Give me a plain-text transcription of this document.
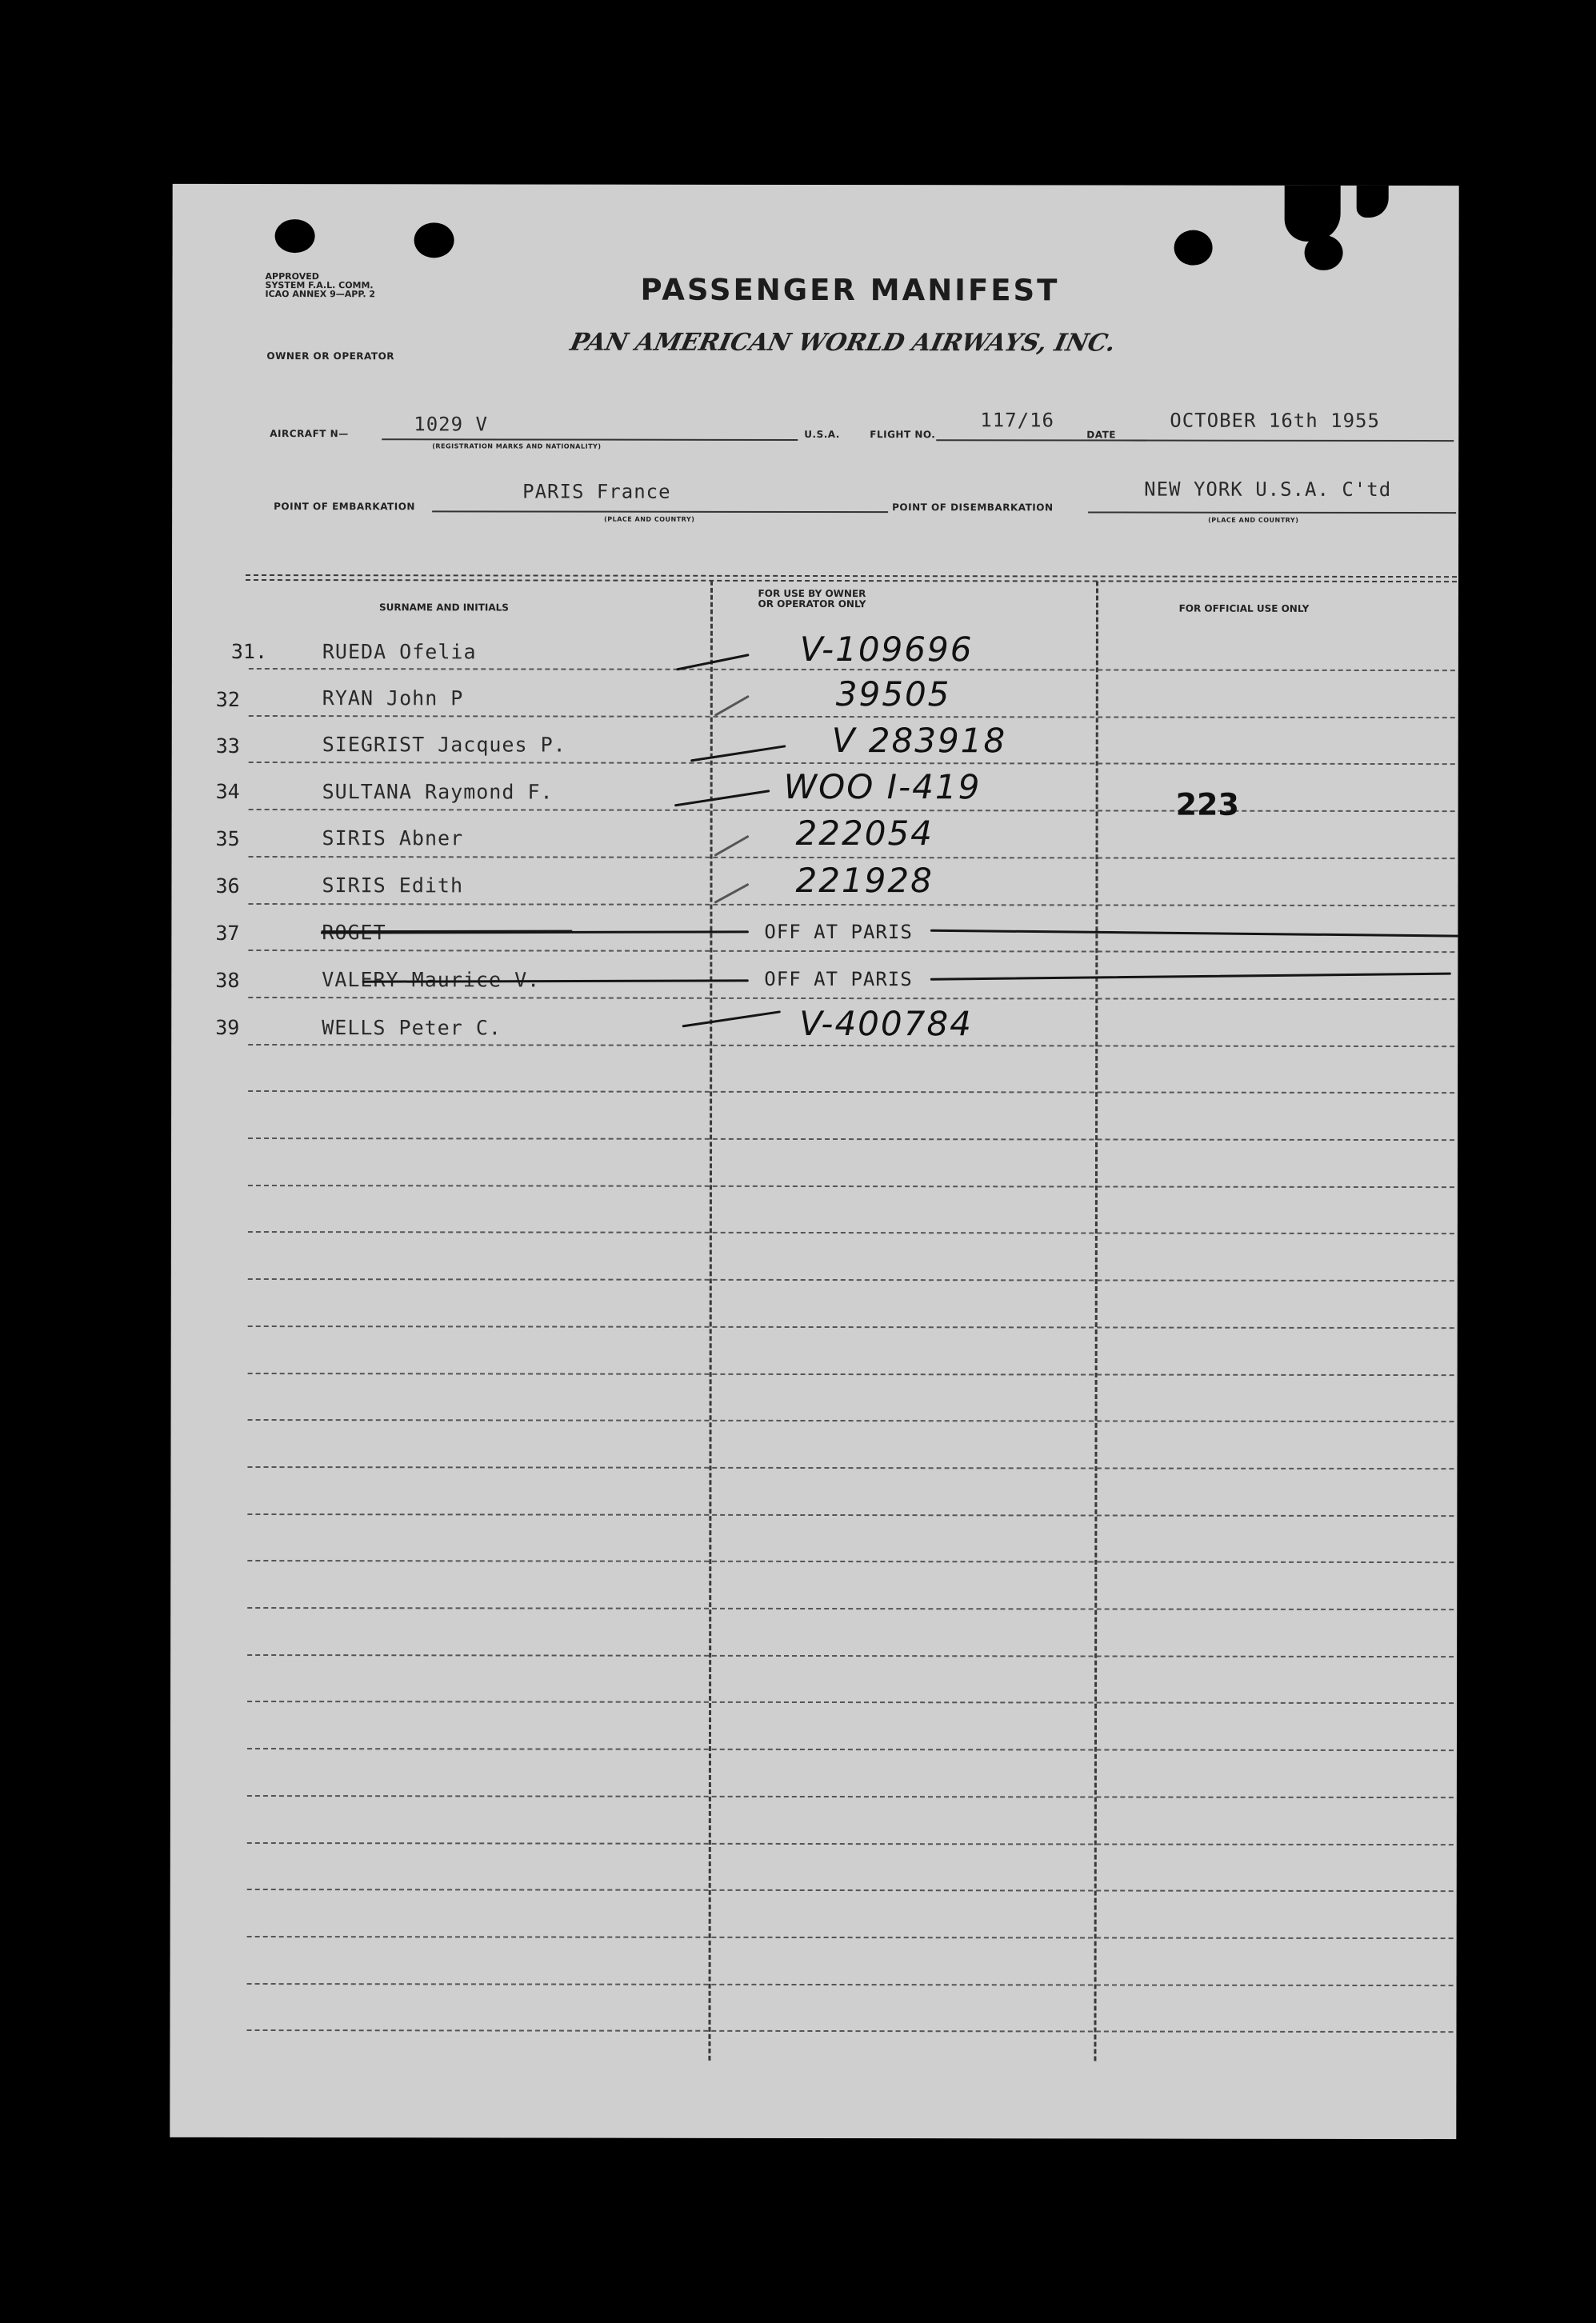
APPROVED
SYSTEM F.A.L. COMM.
ICAO ANNEX 9—APP. 2	PASSENGER MANIFEST
OWNER OR OPERATOR	PAN AMERICAN WORLD AIRWAYS, INC.
AIRCRAFT N—	1029 V
(REGISTRATION MARKS AND NATIONALITY)
U.S.A.	FLIGHT NO.
117/16
DATE
OCTOBER 16th 1955
POINT OF EMBARKATION
PARIS France
(PLACE AND COUNTRY)
POINT OF DISEMBARKATION
NEW YORK U.S.A. C'td
(PLACE AND COUNTRY)
SURNAME AND INITIALS
FOR USE BY OWNER
OR OPERATOR ONLY	FOR OFFICIAL USE ONLY
31.	RUEDA Ofelia	V-109696
32	RYAN John P	39505
33	SIEGRIST Jacques P.	V 283918
34	SULTANA Raymond F.	WOO I-419	223
35	SIRIS Abner	222054
36	SIRIS Edith	221928
37	ROGET	OFF AT PARIS
38	VALERY Maurice V.	OFF AT PARIS
39	WELLS Peter C.	V-400784
